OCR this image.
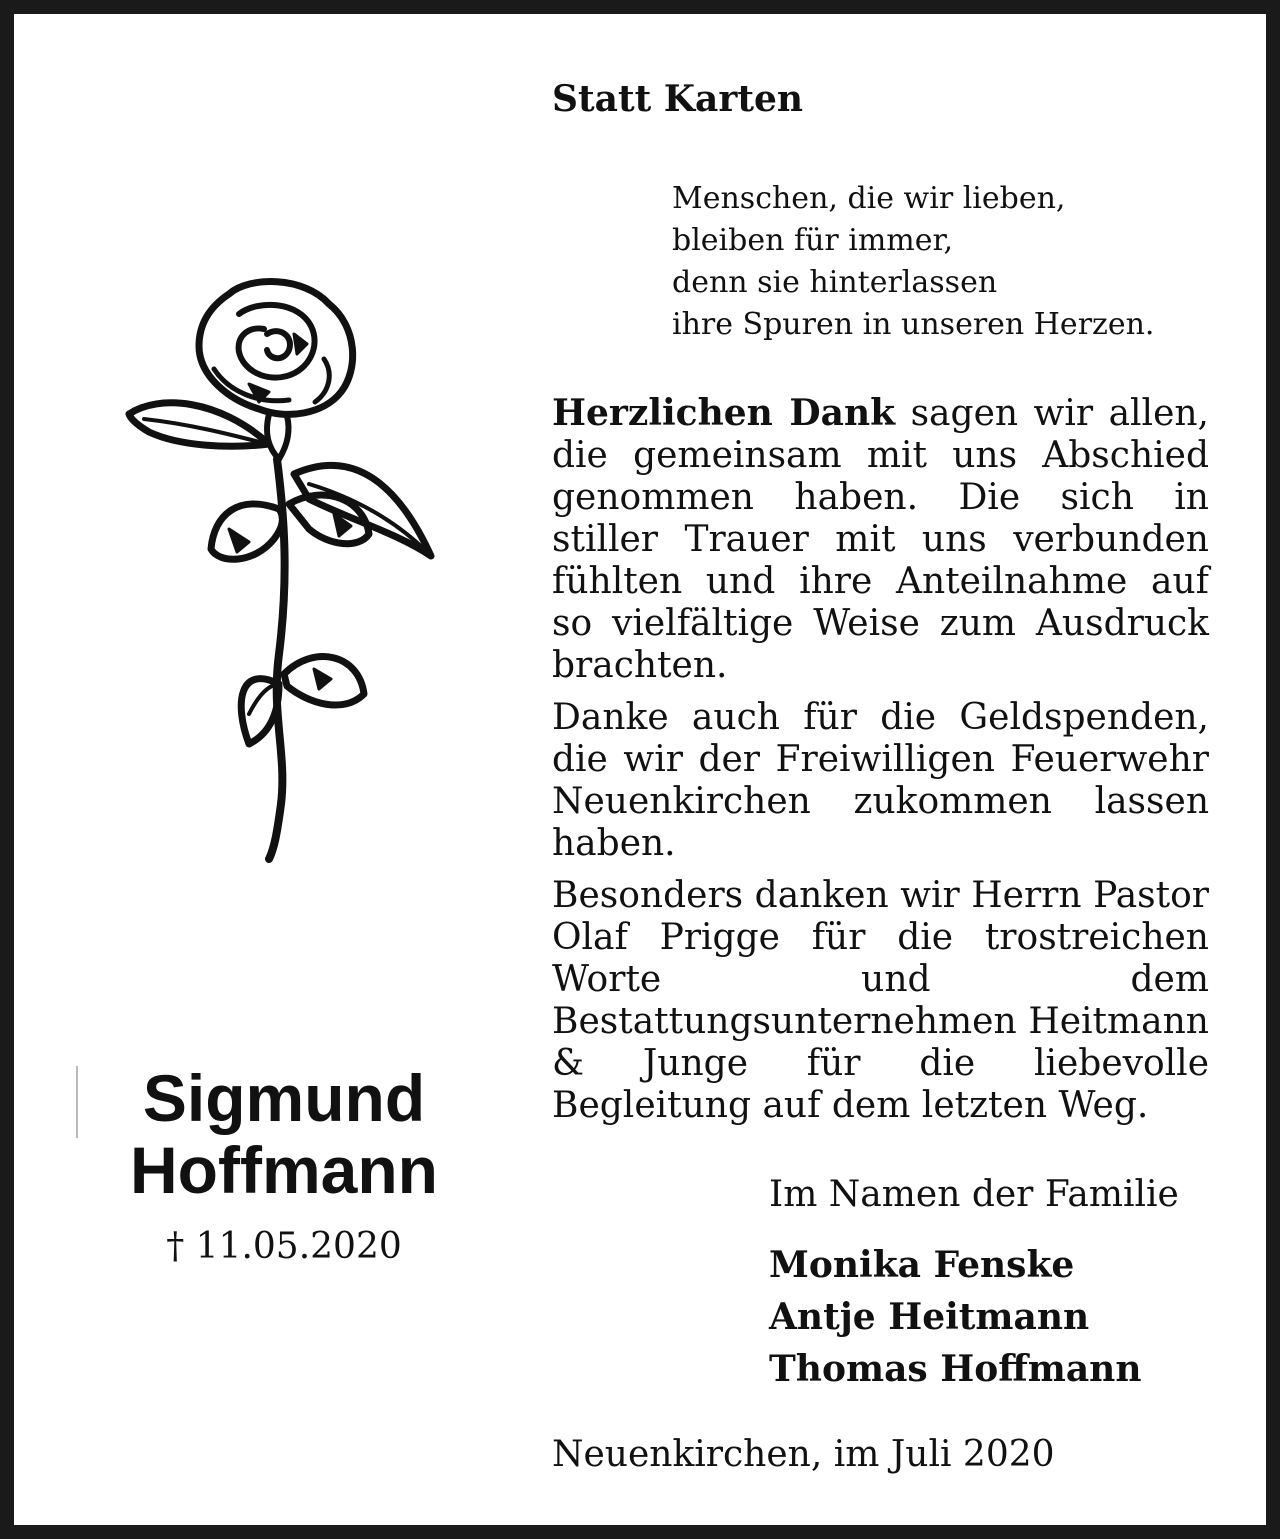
Statt Karten
Menschen, die wir lieben,
bleiben für immer,
denn sie hinterlassen
ihre Spuren in unseren Herzen.

Herzlichen Dank sagen wir allen, die gemeinsam mit uns Abschied genommen haben. Die sich in stiller Trauer mit uns verbunden fühlten und ihre Anteilnahme auf so vielfältige Weise zum Ausdruck brachten.

Danke auch für die Geldspenden, die wir der Freiwilligen Feuerwehr Neuenkirchen zukommen lassen haben.

Besonders danken wir Herrn Pastor Olaf Prigge für die trostreichen Worte und dem Bestattungsunternehmen Heitmann & Junge für die liebevolle Begleitung auf dem letzten Weg.

Im Namen der Familie
Monika Fenske
Antje Heitmann
Thomas Hoffmann
Neuenkirchen, im Juli 2020
Sigmund
Hoffmann
† 11.05.2020
